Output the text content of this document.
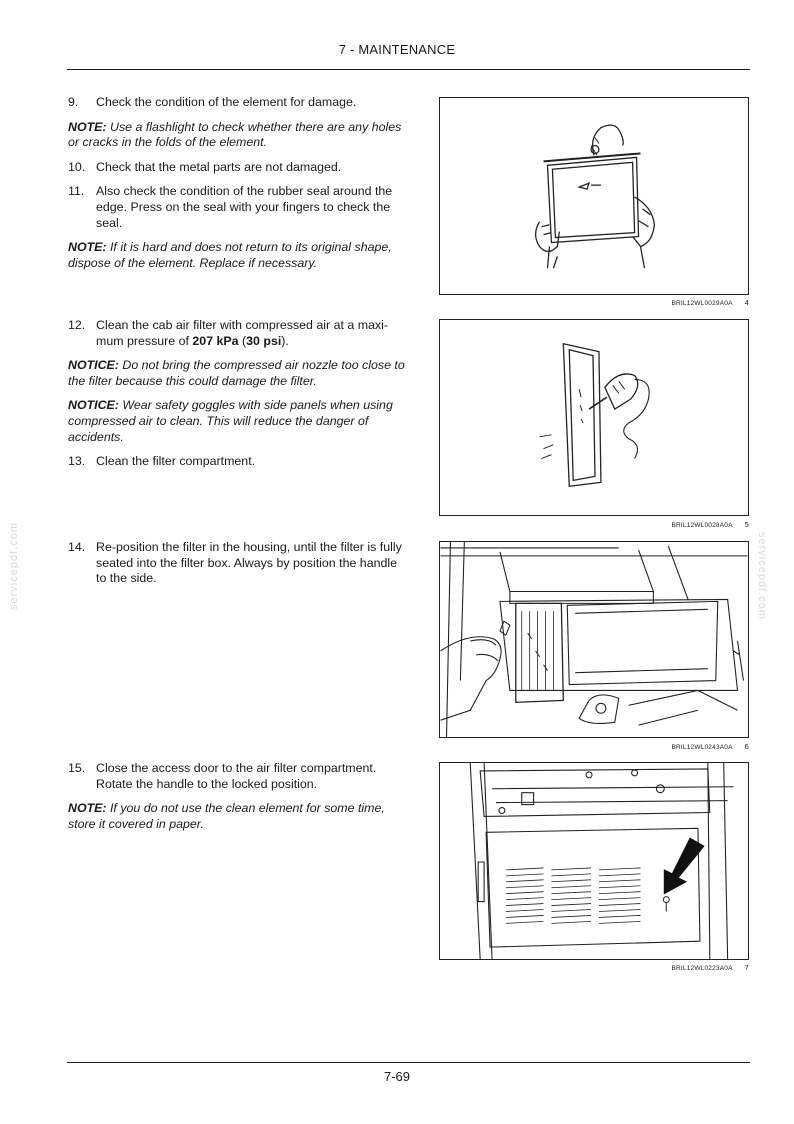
7 - MAINTENANCE
servicepdf.com	servicepdf.com
9. Check the condition of the element for damage.

NOTE: Use a flashlight to check whether there are any holes or cracks in the folds of the element.

10. Check that the metal parts are not damaged.
11. Also check the condition of the rubber seal around the edge. Press on the seal with your fingers to check the seal.

NOTE: If it is hard and does not return to its original shape, dispose of the element. Replace if necessary.

BRIL12WL0029A0A 4
12. Clean the cab air filter with compressed air at a maxi-mum pressure of 207 kPa (30 psi).

NOTICE: Do not bring the compressed air nozzle too close to the filter because this could damage the filter.

NOTICE: Wear safety goggles with side panels when using compressed air to clean. This will reduce the danger of accidents.

13. Clean the filter compartment.
BRIL12WL0028A0A 5
14. Re-position the filter in the housing, until the filter is fully seated into the filter box. Always by position the handle to the side.
BRIL12WL0243A0A 6
15. Close the access door to the air filter compartment. Rotate the handle to the locked position.

NOTE: If you do not use the clean element for some time, store it covered in paper.

BRIL12WL0223A0A 7
7-69
